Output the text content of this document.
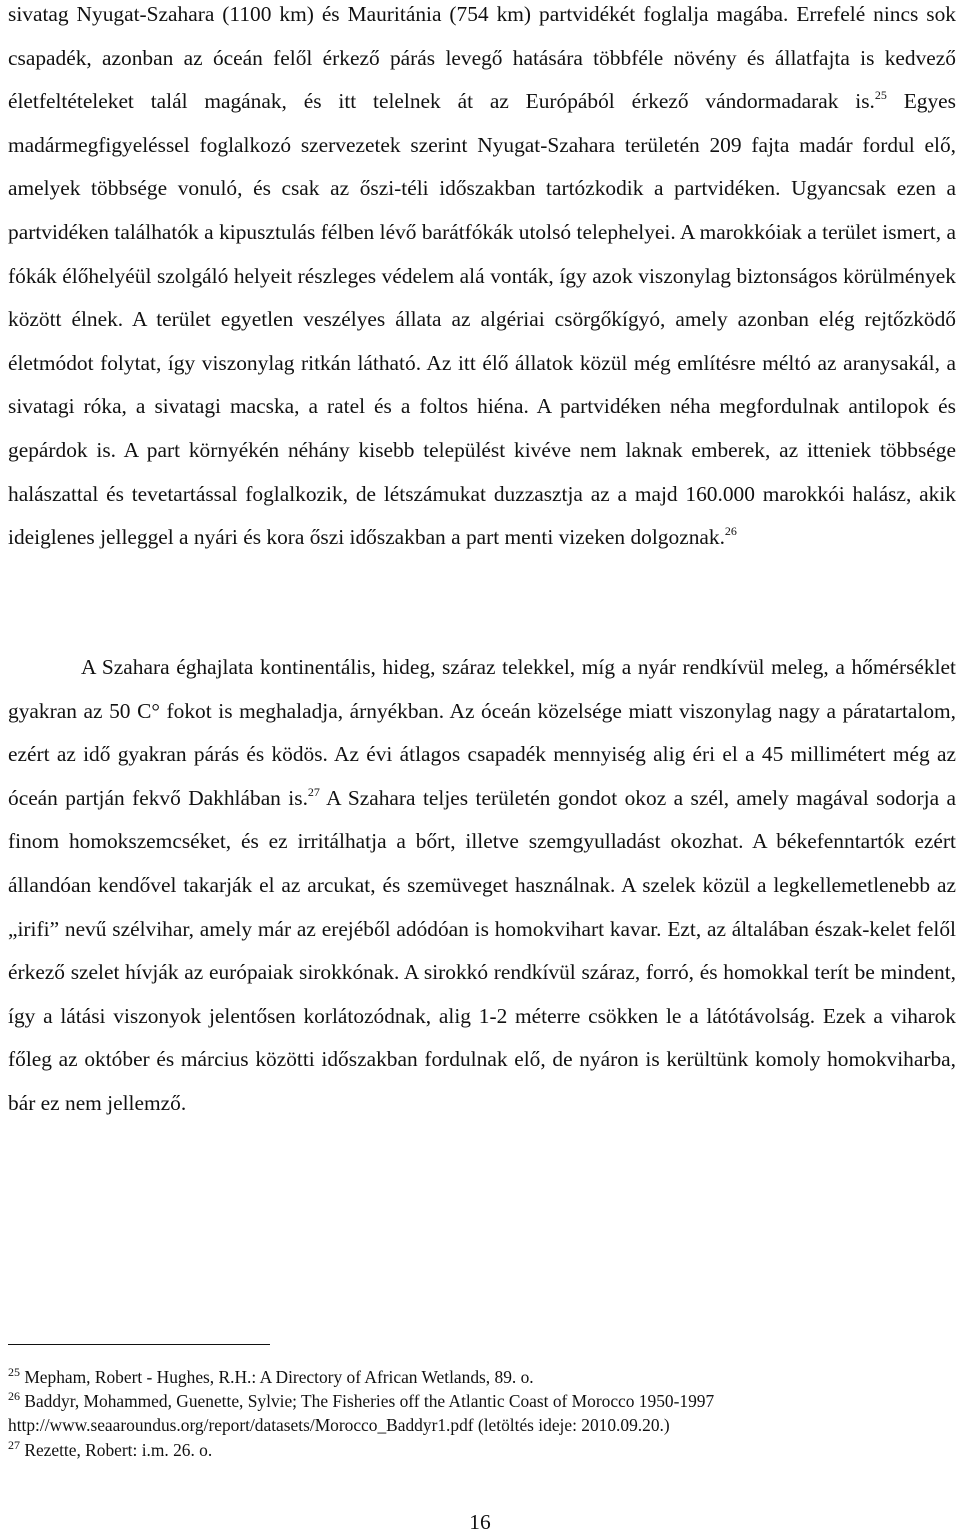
sivatag Nyugat-Szahara (1100 km) és Mauritánia (754 km) partvidékét foglalja magába. Errefelé nincs sok csapadék, azonban az óceán felől érkező párás levegő hatására többféle növény és állatfajta is kedvező életfeltételeket talál magának, és itt telelnek át az Európából érkező vándormadarak is.$^{25}$ Egyes madármegfigyeléssel foglalkozó szervezetek szerint Nyugat-Szahara területén 209 fajta madár fordul elő, amelyek többsége vonuló, és csak az őszi-téli időszakban tartózkodik a partvidéken. Ugyancsak ezen a partvidéken találhatók a kipusztulás félben lévő barátfókák utolsó telephelyei. A marokkóiak a terület ismert, a fókák élőhelyéül szolgáló helyeit részleges védelem alá vonták, így azok viszonylag biztonságos körülmények között élnek. A terület egyetlen veszélyes állata az algériai csörgőkígyó, amely azonban elég rejtőzködő életmódot folytat, így viszonylag ritkán látható. Az itt élő állatok közül még említésre méltó az aranysakál, a sivatagi róka, a sivatagi macska, a ratel és a foltos hiéna. A partvidéken néha megfordulnak antilopok és gepárdok is. A part környékén néhány kisebb települést kivéve nem laknak emberek, az itteniek többsége halászattal és tevetartással foglalkozik, de létszámukat duzzasztja az a majd 160.000 marokkói halász, akik ideiglenes jelleggel a nyári és kora őszi időszakban a part menti vizeken dolgoznak.$^{26}$

A Szahara éghajlata kontinentális, hideg, száraz telekkel, míg a nyár rendkívül meleg, a hőmérséklet gyakran az 50 C° fokot is meghaladja, árnyékban. Az óceán közelsége miatt viszonylag nagy a páratartalom, ezért az idő gyakran párás és ködös. Az évi átlagos csapadék mennyiség alig éri el a 45 millimétert még az óceán partján fekvő Dakhlában is.$^{27}$ A Szahara teljes területén gondot okoz a szél, amely magával sodorja a finom homokszemcséket, és ez irritálhatja a bőrt, illetve szemgyulladást okozhat. A békefenntartók ezért állandóan kendővel takarják el az arcukat, és szemüveget használnak. A szelek közül a legkellemetlenebb az „irifi” nevű szélvihar, amely már az erejéből adódóan is homokvihart kavar. Ezt, az általában észak-kelet felől érkező szelet hívják az európaiak sirokkónak. A sirokkó rendkívül száraz, forró, és homokkal terít be mindent, így a látási viszonyok jelentősen korlátozódnak, alig 1-2 méterre csökken le a látótávolság. Ezek a viharok főleg az október és március közötti időszakban fordulnak elő, de nyáron is kerültünk komoly homokviharba, bár ez nem jellemző.

$^{25}$ Mepham, Robert - Hughes, R.H.: A Directory of African Wetlands, 89. o.

$^{26}$ Baddyr, Mohammed, Guenette, Sylvie; The Fisheries off the Atlantic Coast of Morocco 1950-1997

http://www.seaaroundus.org/report/datasets/Morocco_Baddyr1.pdf (letöltés ideje: 2010.09.20.)

$^{27}$ Rezette, Robert: i.m. 26. o.

16
